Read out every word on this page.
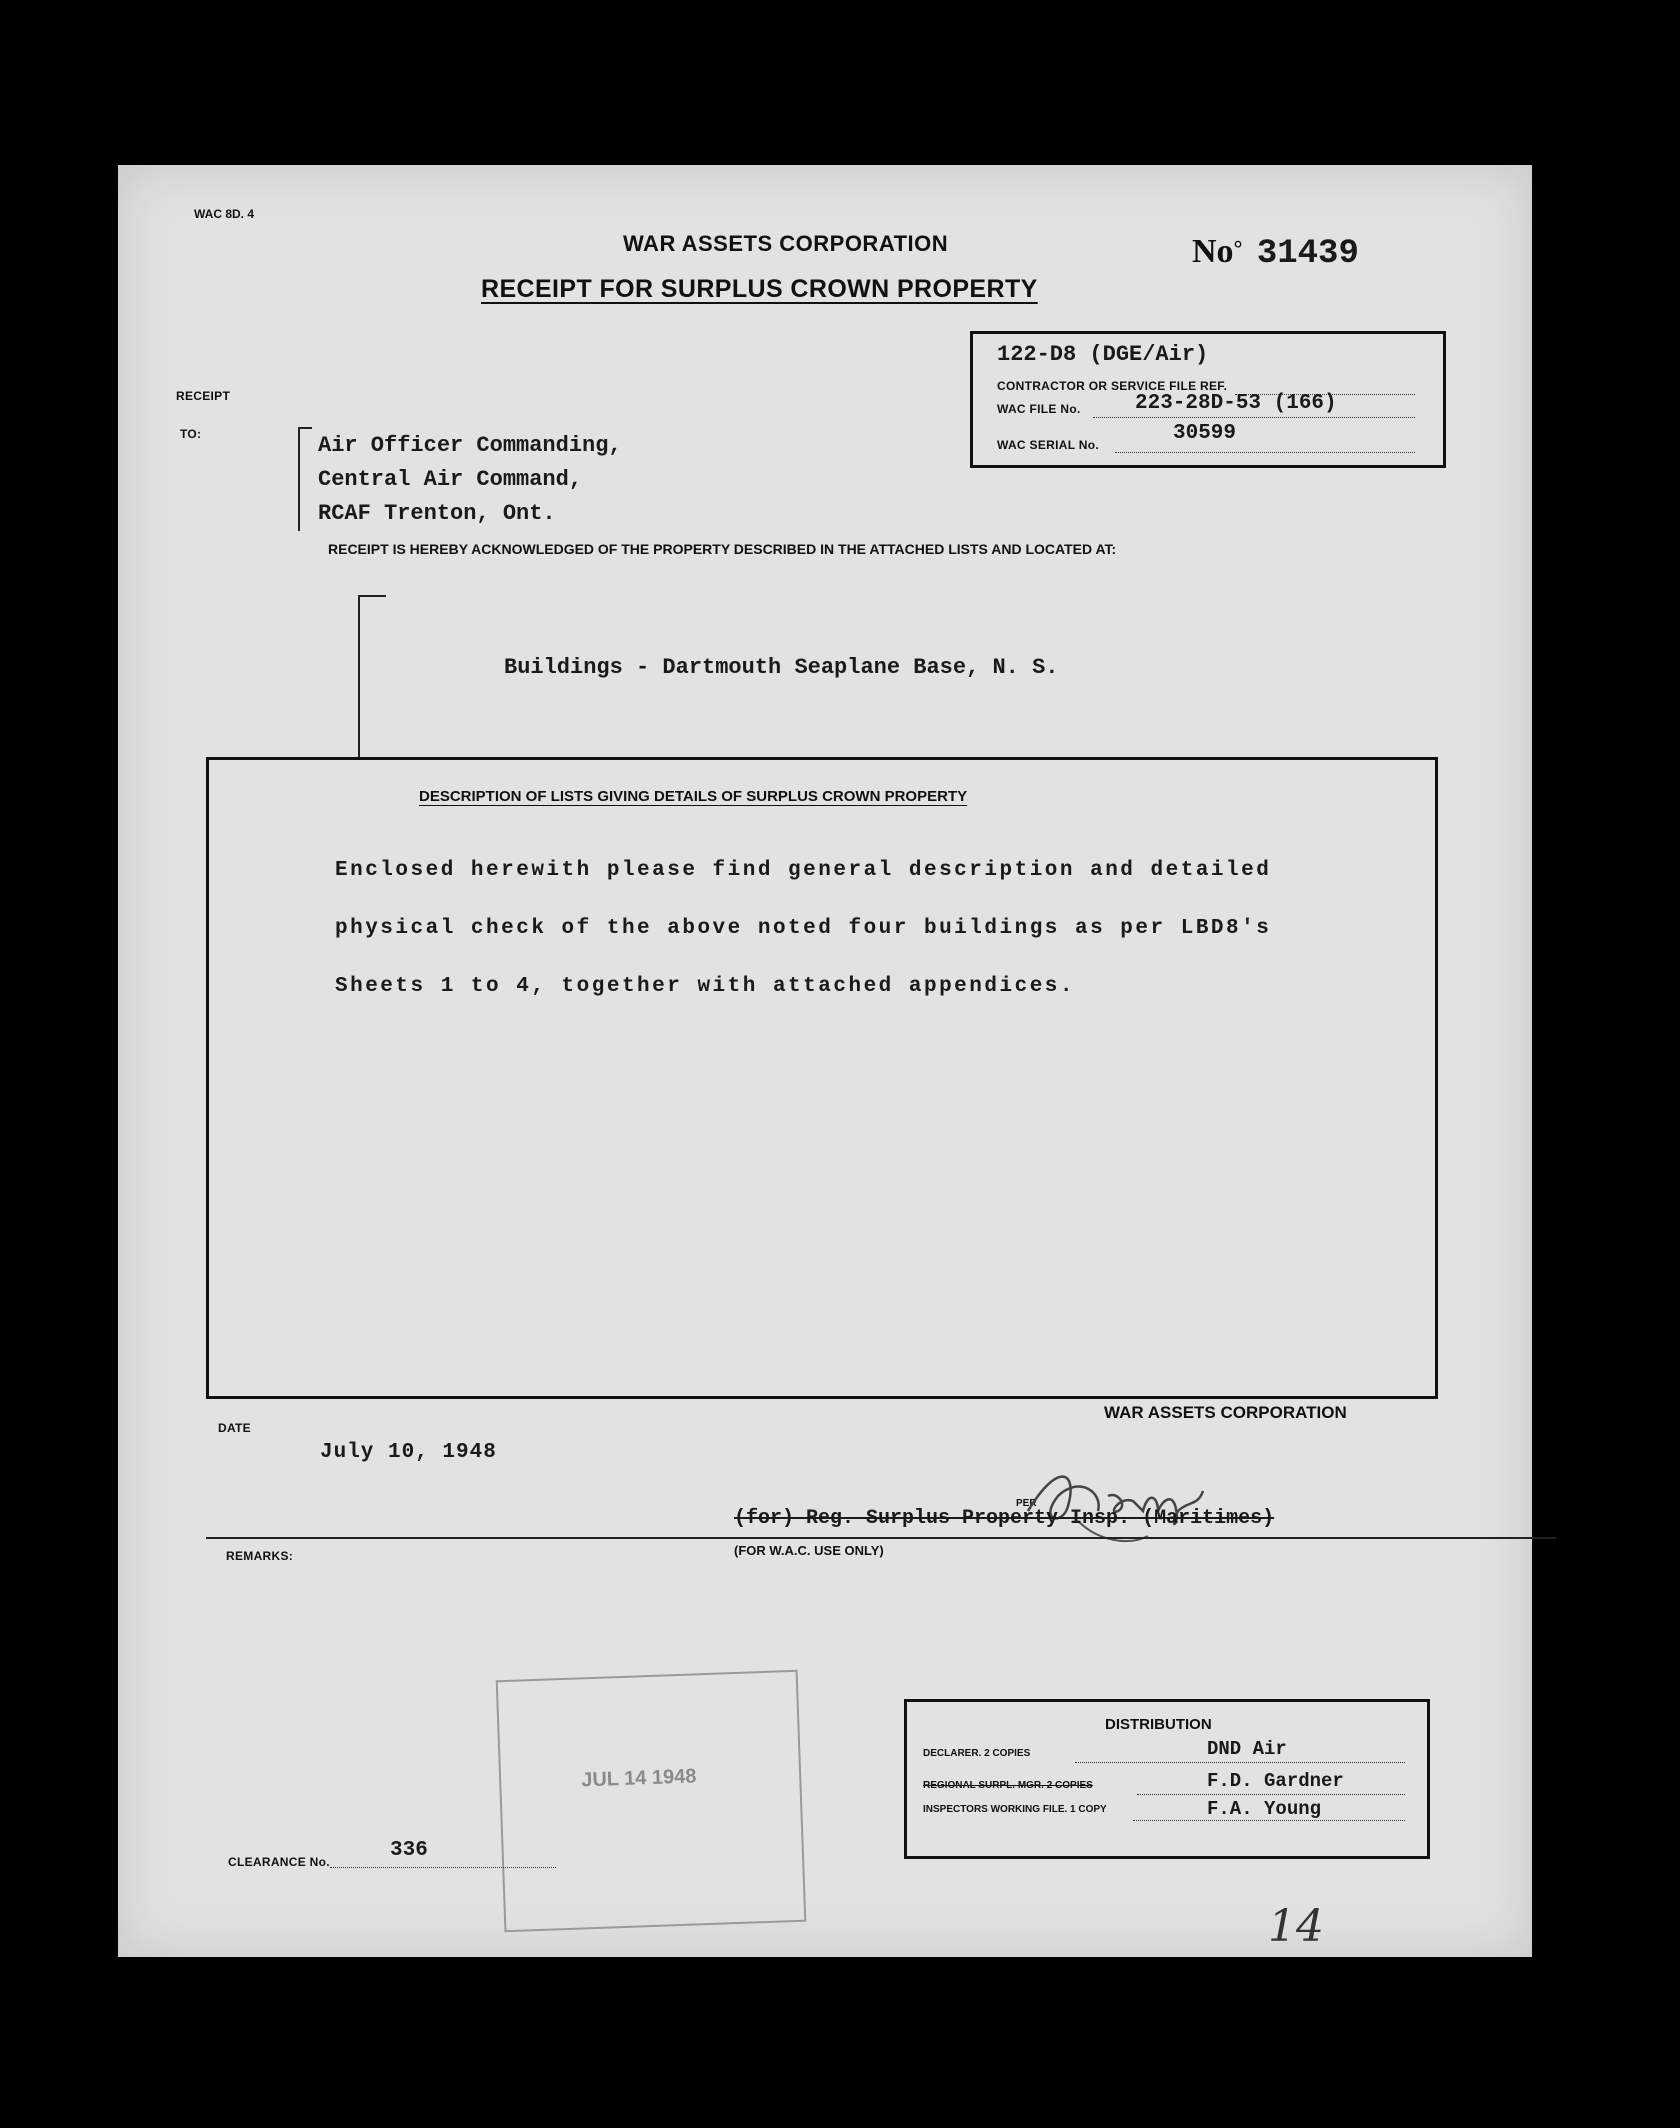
WAC 8D. 4
WAR ASSETS CORPORATION
RECEIPT FOR SURPLUS CROWN PROPERTY
No° 31439
122-D8 (DGE/Air)
CONTRACTOR OR SERVICE FILE REF.
WAC FILE No.	223-28D-53 (166)
WAC SERIAL No.	30599
RECEIPT
TO:	Air Officer Commanding,
Central Air Command,
RCAF Trenton, Ont.
RECEIPT IS HEREBY ACKNOWLEDGED OF THE PROPERTY DESCRIBED IN THE ATTACHED LISTS AND LOCATED AT:
Buildings - Dartmouth Seaplane Base, N. S.
DESCRIPTION OF LISTS GIVING DETAILS OF SURPLUS CROWN PROPERTY
Enclosed herewith please find general description and detailed
physical check of the above noted four buildings as per LBD8's
Sheets 1 to 4, together with attached appendices.
DATE
July 10, 1948
WAR ASSETS CORPORATION
PER
(for) Reg. Surplus Property Insp. (Maritimes)
(FOR W.A.C. USE ONLY)
REMARKS:
JUL 14 1948
DISTRIBUTION
DECLARER. 2 COPIES	DND Air
REGIONAL SURPL. MGR. 2 COPIES	F.D. Gardner
INSPECTORS WORKING FILE. 1 COPY	F.A. Young
CLEARANCE No.	336
14
